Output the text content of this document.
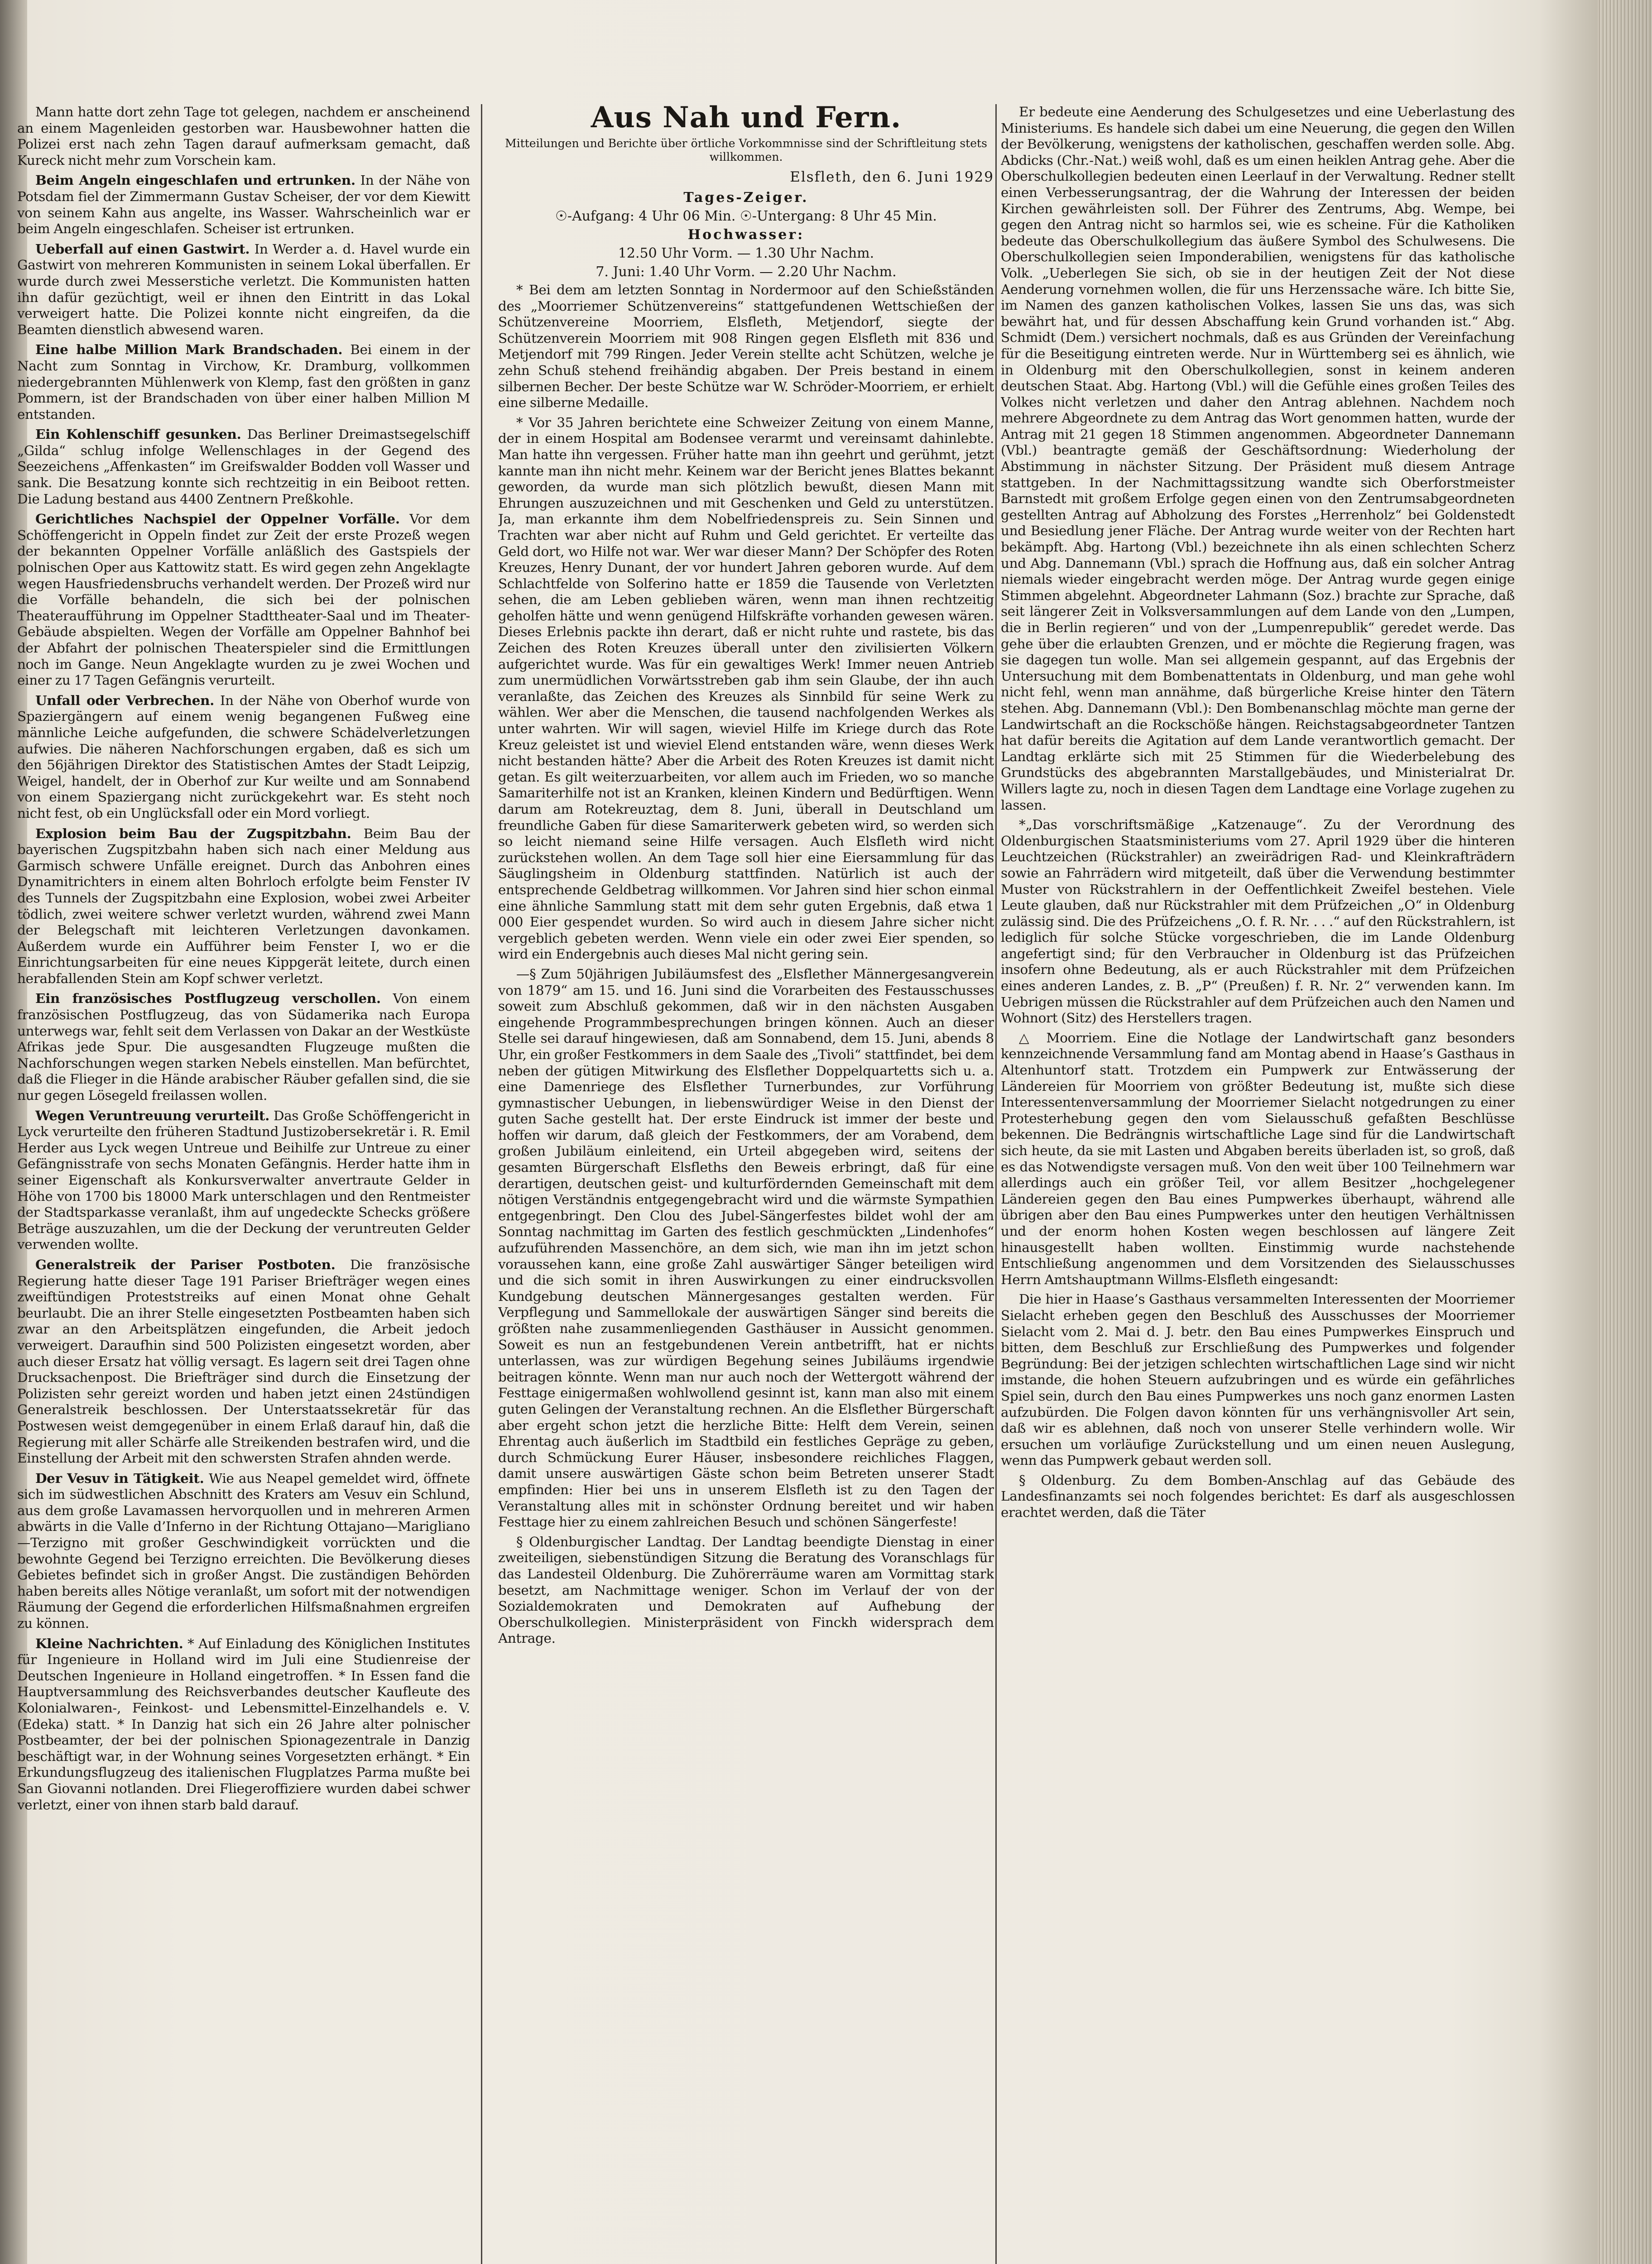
Mann hatte dort zehn Tage tot gelegen, nachdem er anscheinend an einem Magenleiden gestorben war. Hausbewohner hatten die Polizei erst nach zehn Tagen darauf aufmerksam gemacht, daß Kureck nicht mehr zum Vorschein kam.

Beim Angeln eingeschlafen und ertrunken. In der Nähe von Potsdam fiel der Zimmermann Gustav Scheiser, der vor dem Kiewitt von seinem Kahn aus angelte, ins Wasser. Wahrscheinlich war er beim Angeln eingeschlafen. Scheiser ist ertrunken.

Ueberfall auf einen Gastwirt. In Werder a. d. Havel wurde ein Gastwirt von mehreren Kommunisten in seinem Lokal überfallen. Er wurde durch zwei Messerstiche verletzt. Die Kommunisten hatten ihn dafür gezüchtigt, weil er ihnen den Eintritt in das Lokal verweigert hatte. Die Polizei konnte nicht eingreifen, da die Beamten dienstlich abwesend waren.

Eine halbe Million Mark Brandschaden. Bei einem in der Nacht zum Sonntag in Virchow, Kr. Dramburg, vollkommen niedergebrannten Mühlenwerk von Klemp, fast den größten in ganz Pommern, ist der Brandschaden von über einer halben Million M entstanden.

Ein Kohlenschiff gesunken. Das Berliner Dreimastsegelschiff „Gilda“ schlug infolge Wellenschlages in der Gegend des Seezeichens „Affenkasten“ im Greifswalder Bodden voll Wasser und sank. Die Besatzung konnte sich rechtzeitig in ein Beiboot retten. Die Ladung bestand aus 4400 Zentnern Preßkohle.

Gerichtliches Nachspiel der Oppelner Vorfälle. Vor dem Schöffengericht in Oppeln findet zur Zeit der erste Prozeß wegen der bekannten Oppelner Vorfälle anläßlich des Gastspiels der polnischen Oper aus Kattowitz statt. Es wird gegen zehn Angeklagte wegen Hausfriedensbruchs verhandelt werden. Der Prozeß wird nur die Vorfälle behandeln, die sich bei der polnischen Theateraufführung im Oppelner Stadttheater-Saal und im Theater-Gebäude abspielten. Wegen der Vorfälle am Oppelner Bahnhof bei der Abfahrt der polnischen Theaterspieler sind die Ermittlungen noch im Gange. Neun Angeklagte wurden zu je zwei Wochen und einer zu 17 Tagen Gefängnis verurteilt.

Unfall oder Verbrechen. In der Nähe von Oberhof wurde von Spaziergängern auf einem wenig begangenen Fußweg eine männliche Leiche aufgefunden, die schwere Schädelverletzungen aufwies. Die näheren Nachforschungen ergaben, daß es sich um den 56jährigen Direktor des Statistischen Amtes der Stadt Leipzig, Weigel, handelt, der in Oberhof zur Kur weilte und am Sonnabend von einem Spaziergang nicht zurückgekehrt war. Es steht noch nicht fest, ob ein Unglücksfall oder ein Mord vorliegt.

Explosion beim Bau der Zugspitzbahn. Beim Bau der bayerischen Zugspitzbahn haben sich nach einer Meldung aus Garmisch schwere Unfälle ereignet. Durch das Anbohren eines Dynamitrichters in einem alten Bohrloch erfolgte beim Fenster IV des Tunnels der Zugspitzbahn eine Explosion, wobei zwei Arbeiter tödlich, zwei weitere schwer verletzt wurden, während zwei Mann der Belegschaft mit leichteren Verletzungen davonkamen. Außerdem wurde ein Aufführer beim Fenster I, wo er die Einrichtungsarbeiten für eine neues Kippgerät leitete, durch einen herabfallenden Stein am Kopf schwer verletzt.

Ein französisches Postflugzeug verschollen. Von einem französischen Postflugzeug, das von Südamerika nach Europa unterwegs war, fehlt seit dem Verlassen von Dakar an der Westküste Afrikas jede Spur. Die ausgesandten Flugzeuge mußten die Nachforschungen wegen starken Nebels einstellen. Man befürchtet, daß die Flieger in die Hände arabischer Räuber gefallen sind, die sie nur gegen Lösegeld freilassen wollen.

Wegen Veruntreuung verurteilt. Das Große Schöffengericht in Lyck verurteilte den früheren Stadtund Justizobersekretär i. R. Emil Herder aus Lyck wegen Untreue und Beihilfe zur Untreue zu einer Gefängnisstrafe von sechs Monaten Gefängnis. Herder hatte ihm in seiner Eigenschaft als Konkursverwalter anvertraute Gelder in Höhe von 1700 bis 18000 Mark unterschlagen und den Rentmeister der Stadtsparkasse veranlaßt, ihm auf ungedeckte Schecks größere Beträge auszuzahlen, um die der Deckung der veruntreuten Gelder verwenden wollte.

Generalstreik der Pariser Postboten. Die französische Regierung hatte dieser Tage 191 Pariser Briefträger wegen eines zweiftündigen Proteststreiks auf einen Monat ohne Gehalt beurlaubt. Die an ihrer Stelle eingesetzten Postbeamten haben sich zwar an den Arbeitsplätzen eingefunden, die Arbeit jedoch verweigert. Daraufhin sind 500 Polizisten eingesetzt worden, aber auch dieser Ersatz hat völlig versagt. Es lagern seit drei Tagen ohne Drucksachenpost. Die Briefträger sind durch die Einsetzung der Polizisten sehr gereizt worden und haben jetzt einen 24stündigen Generalstreik beschlossen. Der Unterstaatssekretär für das Postwesen weist demgegenüber in einem Erlaß darauf hin, daß die Regierung mit aller Schärfe alle Streikenden bestrafen wird, und die Einstellung der Arbeit mit den schwersten Strafen ahnden werde.

Der Vesuv in Tätigkeit. Wie aus Neapel gemeldet wird, öffnete sich im südwestlichen Abschnitt des Kraters am Vesuv ein Schlund, aus dem große Lavamassen hervorquollen und in mehreren Armen abwärts in die Valle d’Inferno in der Richtung Ottajano—Marigliano—Terzigno mit großer Geschwindigkeit vorrückten und die bewohnte Gegend bei Terzigno erreichten. Die Bevölkerung dieses Gebietes befindet sich in großer Angst. Die zuständigen Behörden haben bereits alles Nötige veranlaßt, um sofort mit der notwendigen Räumung der Gegend die erforderlichen Hilfsmaßnahmen ergreifen zu können.

Kleine Nachrichten. * Auf Einladung des Königlichen Institutes für Ingenieure in Holland wird im Juli eine Studienreise der Deutschen Ingenieure in Holland eingetroffen. * In Essen fand die Hauptversammlung des Reichsverbandes deutscher Kaufleute des Kolonialwaren-, Feinkost- und Lebensmittel-Einzelhandels e. V. (Edeka) statt. * In Danzig hat sich ein 26 Jahre alter polnischer Postbeamter, der bei der polnischen Spionagezentrale in Danzig beschäftigt war, in der Wohnung seines Vorgesetzten erhängt. * Ein Erkundungsflugzeug des italienischen Flugplatzes Parma mußte bei San Giovanni notlanden. Drei Fliegeroffiziere wurden dabei schwer verletzt, einer von ihnen starb bald darauf.

Aus Nah und Fern.
Mitteilungen und Berichte über örtliche Vorkommnisse sind der Schriftleitung stets willkommen.
Elsfleth, den 6. Juni 1929
Tages-Zeiger.
☉-Aufgang: 4 Uhr 06 Min. ☉-Untergang: 8 Uhr 45 Min.
Hochwasser:
12.50 Uhr Vorm. — 1.30 Uhr Nachm.
7. Juni: 1.40 Uhr Vorm. — 2.20 Uhr Nachm.

* Bei dem am letzten Sonntag in Nordermoor auf den Schießständen des „Moorriemer Schützenvereins“ stattgefundenen Wettschießen der Schützenvereine Moorriem, Elsfleth, Metjendorf, siegte der Schützenverein Moorriem mit 908 Ringen gegen Elsfleth mit 836 und Metjendorf mit 799 Ringen. Jeder Verein stellte acht Schützen, welche je zehn Schuß stehend freihändig abgaben. Der Preis bestand in einem silbernen Becher. Der beste Schütze war W. Schröder-Moorriem, er erhielt eine silberne Medaille.

* Vor 35 Jahren berichtete eine Schweizer Zeitung von einem Manne, der in einem Hospital am Bodensee verarmt und vereinsamt dahinlebte. Man hatte ihn vergessen. Früher hatte man ihn geehrt und gerühmt, jetzt kannte man ihn nicht mehr. Keinem war der Bericht jenes Blattes bekannt geworden, da wurde man sich plötzlich bewußt, diesen Mann mit Ehrungen auszuzeichnen und mit Geschenken und Geld zu unterstützen. Ja, man erkannte ihm dem Nobelfriedenspreis zu. Sein Sinnen und Trachten war aber nicht auf Ruhm und Geld gerichtet. Er verteilte das Geld dort, wo Hilfe not war. Wer war dieser Mann? Der Schöpfer des Roten Kreuzes, Henry Dunant, der vor hundert Jahren geboren wurde. Auf dem Schlachtfelde von Solferino hatte er 1859 die Tausende von Verletzten sehen, die am Leben geblieben wären, wenn man ihnen rechtzeitig geholfen hätte und wenn genügend Hilfskräfte vorhanden gewesen wären. Dieses Erlebnis packte ihn derart, daß er nicht ruhte und rastete, bis das Zeichen des Roten Kreuzes überall unter den zivilisierten Völkern aufgerichtet wurde. Was für ein gewaltiges Werk! Immer neuen Antrieb zum unermüdlichen Vorwärtsstreben gab ihm sein Glaube, der ihn auch veranlaßte, das Zeichen des Kreuzes als Sinnbild für seine Werk zu wählen. Wer aber die Menschen, die tausend nachfolgenden Werkes als unter wahrten. Wir will sagen, wieviel Hilfe im Kriege durch das Rote Kreuz geleistet ist und wieviel Elend entstanden wäre, wenn dieses Werk nicht bestanden hätte? Aber die Arbeit des Roten Kreuzes ist damit nicht getan. Es gilt weiterzuarbeiten, vor allem auch im Frieden, wo so manche Samariterhilfe not ist an Kranken, kleinen Kindern und Bedürftigen. Wenn darum am Rotekreuztag, dem 8. Juni, überall in Deutschland um freundliche Gaben für diese Samariterwerk gebeten wird, so werden sich so leicht niemand seine Hilfe versagen. Auch Elsfleth wird nicht zurückstehen wollen. An dem Tage soll hier eine Eiersammlung für das Säuglingsheim in Oldenburg stattfinden. Natürlich ist auch der entsprechende Geldbetrag willkommen. Vor Jahren sind hier schon einmal eine ähnliche Sammlung statt mit dem sehr guten Ergebnis, daß etwa 1 000 Eier gespendet wurden. So wird auch in diesem Jahre sicher nicht vergeblich gebeten werden. Wenn viele ein oder zwei Eier spenden, so wird ein Endergebnis auch dieses Mal nicht gering sein.

—§ Zum 50jährigen Jubiläumsfest des „Elsflether Männergesangverein von 1879“ am 15. und 16. Juni sind die Vorarbeiten des Festausschusses soweit zum Abschluß gekommen, daß wir in den nächsten Ausgaben eingehende Programmbesprechungen bringen können. Auch an dieser Stelle sei darauf hingewiesen, daß am Sonnabend, dem 15. Juni, abends 8 Uhr, ein großer Festkommers in dem Saale des „Tivoli“ stattfindet, bei dem neben der gütigen Mitwirkung des Elsflether Doppelquartetts sich u. a. eine Damenriege des Elsflether Turnerbundes, zur Vorführung gymnastischer Uebungen, in liebenswürdiger Weise in den Dienst der guten Sache gestellt hat. Der erste Eindruck ist immer der beste und hoffen wir darum, daß gleich der Festkommers, der am Vorabend, dem großen Jubiläum einleitend, ein Urteil abgegeben wird, seitens der gesamten Bürgerschaft Elsfleths den Beweis erbringt, daß für eine derartigen, deutschen geist- und kulturfördernden Gemeinschaft mit dem nötigen Verständnis entgegengebracht wird und die wärmste Sympathien entgegenbringt. Den Clou des Jubel-Sängerfestes bildet wohl der am Sonntag nachmittag im Garten des festlich geschmückten „Lindenhofes“ aufzuführenden Massenchöre, an dem sich, wie man ihn im jetzt schon voraussehen kann, eine große Zahl auswärtiger Sänger beteiligen wird und die sich somit in ihren Auswirkungen zu einer eindrucksvollen Kundgebung deutschen Männergesanges gestalten werden. Für Verpflegung und Sammellokale der auswärtigen Sänger sind bereits die größten nahe zusammenliegenden Gasthäuser in Aussicht genommen. Soweit es nun an festgebundenen Verein antbetrifft, hat er nichts unterlassen, was zur würdigen Begehung seines Jubiläums irgendwie beitragen könnte. Wenn man nur auch noch der Wettergott während der Festtage einigermaßen wohlwollend gesinnt ist, kann man also mit einem guten Gelingen der Veranstaltung rechnen. An die Elsflether Bürgerschaft aber ergeht schon jetzt die herzliche Bitte: Helft dem Verein, seinen Ehrentag auch äußerlich im Stadtbild ein festliches Gepräge zu geben, durch Schmückung Eurer Häuser, insbesondere reichliches Flaggen, damit unsere auswärtigen Gäste schon beim Betreten unserer Stadt empfinden: Hier bei uns in unserem Elsfleth ist zu den Tagen der Veranstaltung alles mit in schönster Ordnung bereitet und wir haben Festtage hier zu einem zahlreichen Besuch und schönen Sängerfeste!

§ Oldenburgischer Landtag. Der Landtag beendigte Dienstag in einer zweiteiligen, siebenstündigen Sitzung die Beratung des Voranschlags für das Landesteil Oldenburg. Die Zuhörerräume waren am Vormittag stark besetzt, am Nachmittage weniger. Schon im Verlauf der von der Sozialdemokraten und Demokraten auf Aufhebung der Oberschulkollegien. Ministerpräsident von Finckh widersprach dem Antrage.

Er bedeute eine Aenderung des Schulgesetzes und eine Ueberlastung des Ministeriums. Es handele sich dabei um eine Neuerung, die gegen den Willen der Bevölkerung, wenigstens der katholischen, geschaffen werden solle. Abg. Abdicks (Chr.-Nat.) weiß wohl, daß es um einen heiklen Antrag gehe. Aber die Oberschulkollegien bedeuten einen Leerlauf in der Verwaltung. Redner stellt einen Verbesserungsantrag, der die Wahrung der Interessen der beiden Kirchen gewährleisten soll. Der Führer des Zentrums, Abg. Wempe, bei gegen den Antrag nicht so harmlos sei, wie es scheine. Für die Katholiken bedeute das Oberschulkollegium das äußere Symbol des Schulwesens. Die Oberschulkollegien seien Imponderabilien, wenigstens für das katholische Volk. „Ueberlegen Sie sich, ob sie in der heutigen Zeit der Not diese Aenderung vornehmen wollen, die für uns Herzenssache wäre. Ich bitte Sie, im Namen des ganzen katholischen Volkes, lassen Sie uns das, was sich bewährt hat, und für dessen Abschaffung kein Grund vorhanden ist.“ Abg. Schmidt (Dem.) versichert nochmals, daß es aus Gründen der Vereinfachung für die Beseitigung eintreten werde. Nur in Württemberg sei es ähnlich, wie in Oldenburg mit den Oberschulkollegien, sonst in keinem anderen deutschen Staat. Abg. Hartong (Vbl.) will die Gefühle eines großen Teiles des Volkes nicht verletzen und daher den Antrag ablehnen. Nachdem noch mehrere Abgeordnete zu dem Antrag das Wort genommen hatten, wurde der Antrag mit 21 gegen 18 Stimmen angenommen. Abgeordneter Dannemann (Vbl.) beantragte gemäß der Geschäftsordnung: Wiederholung der Abstimmung in nächster Sitzung. Der Präsident muß diesem Antrage stattgeben. In der Nachmittagssitzung wandte sich Oberforstmeister Barnstedt mit großem Erfolge gegen einen von den Zentrumsabgeordneten gestellten Antrag auf Abholzung des Forstes „Herrenholz“ bei Goldenstedt und Besiedlung jener Fläche. Der Antrag wurde weiter von der Rechten hart bekämpft. Abg. Hartong (Vbl.) bezeichnete ihn als einen schlechten Scherz und Abg. Dannemann (Vbl.) sprach die Hoffnung aus, daß ein solcher Antrag niemals wieder eingebracht werden möge. Der Antrag wurde gegen einige Stimmen abgelehnt. Abgeordneter Lahmann (Soz.) brachte zur Sprache, daß seit längerer Zeit in Volksversammlungen auf dem Lande von den „Lumpen, die in Berlin regieren“ und von der „Lumpenrepublik“ geredet werde. Das gehe über die erlaubten Grenzen, und er möchte die Regierung fragen, was sie dagegen tun wolle. Man sei allgemein gespannt, auf das Ergebnis der Untersuchung mit dem Bombenattentats in Oldenburg, und man gehe wohl nicht fehl, wenn man annähme, daß bürgerliche Kreise hinter den Tätern stehen. Abg. Dannemann (Vbl.): Den Bombenanschlag möchte man gerne der Landwirtschaft an die Rockschöße hängen. Reichstagsabgeordneter Tantzen hat dafür bereits die Agitation auf dem Lande verantwortlich gemacht. Der Landtag erklärte sich mit 25 Stimmen für die Wiederbelebung des Grundstücks des abgebrannten Marstallgebäudes, und Ministerialrat Dr. Willers lagte zu, noch in diesen Tagen dem Landtage eine Vorlage zugehen zu lassen.

*„Das vorschriftsmäßige „Katzenauge“. Zu der Verordnung des Oldenburgischen Staatsministeriums vom 27. April 1929 über die hinteren Leuchtzeichen (Rückstrahler) an zweirädrigen Rad- und Kleinkrafträdern sowie an Fahrrädern wird mitgeteilt, daß über die Verwendung bestimmter Muster von Rückstrahlern in der Oeffentlichkeit Zweifel bestehen. Viele Leute glauben, daß nur Rückstrahler mit dem Prüfzeichen „O“ in Oldenburg zulässig sind. Die des Prüfzeichens „O. f. R. Nr. . . .“ auf den Rückstrahlern, ist lediglich für solche Stücke vorgeschrieben, die im Lande Oldenburg angefertigt sind; für den Verbraucher in Oldenburg ist das Prüfzeichen insofern ohne Bedeutung, als er auch Rückstrahler mit dem Prüfzeichen eines anderen Landes, z. B. „P“ (Preußen) f. R. Nr. 2“ verwenden kann. Im Uebrigen müssen die Rückstrahler auf dem Prüfzeichen auch den Namen und Wohnort (Sitz) des Herstellers tragen.

△ Moorriem. Eine die Notlage der Landwirtschaft ganz besonders kennzeichnende Versammlung fand am Montag abend in Haase’s Gasthaus in Altenhuntorf statt. Trotzdem ein Pumpwerk zur Entwässerung der Ländereien für Moorriem von größter Bedeutung ist, mußte sich diese Interessentenversammlung der Moorriemer Sielacht notgedrungen zu einer Protesterhebung gegen den vom Sielausschuß gefaßten Beschlüsse bekennen. Die Bedrängnis wirtschaftliche Lage sind für die Landwirtschaft sich heute, da sie mit Lasten und Abgaben bereits überladen ist, so groß, daß es das Notwendigste versagen muß. Von den weit über 100 Teilnehmern war allerdings auch ein größer Teil, vor allem Besitzer „hochgelegener Ländereien gegen den Bau eines Pumpwerkes überhaupt, während alle übrigen aber den Bau eines Pumpwerkes unter den heutigen Verhältnissen und der enorm hohen Kosten wegen beschlossen auf längere Zeit hinausgestellt haben wollten. Einstimmig wurde nachstehende Entschließung angenommen und dem Vorsitzenden des Sielausschusses Herrn Amtshauptmann Willms-Elsfleth eingesandt:

Die hier in Haase’s Gasthaus versammelten Interessenten der Moorriemer Sielacht erheben gegen den Beschluß des Ausschusses der Moorriemer Sielacht vom 2. Mai d. J. betr. den Bau eines Pumpwerkes Einspruch und bitten, dem Beschluß zur Erschließung des Pumpwerkes und folgender Begründung: Bei der jetzigen schlechten wirtschaftlichen Lage sind wir nicht imstande, die hohen Steuern aufzubringen und es würde ein gefährliches Spiel sein, durch den Bau eines Pumpwerkes uns noch ganz enormen Lasten aufzubürden. Die Folgen davon könnten für uns verhängnisvoller Art sein, daß wir es ablehnen, daß noch von unserer Stelle verhindern wolle. Wir ersuchen um vorläufige Zurückstellung und um einen neuen Auslegung, wenn das Pumpwerk gebaut werden soll.

§ Oldenburg. Zu dem Bomben-Anschlag auf das Gebäude des Landesfinanzamts sei noch folgendes berichtet: Es darf als ausgeschlossen erachtet werden, daß die Täter
